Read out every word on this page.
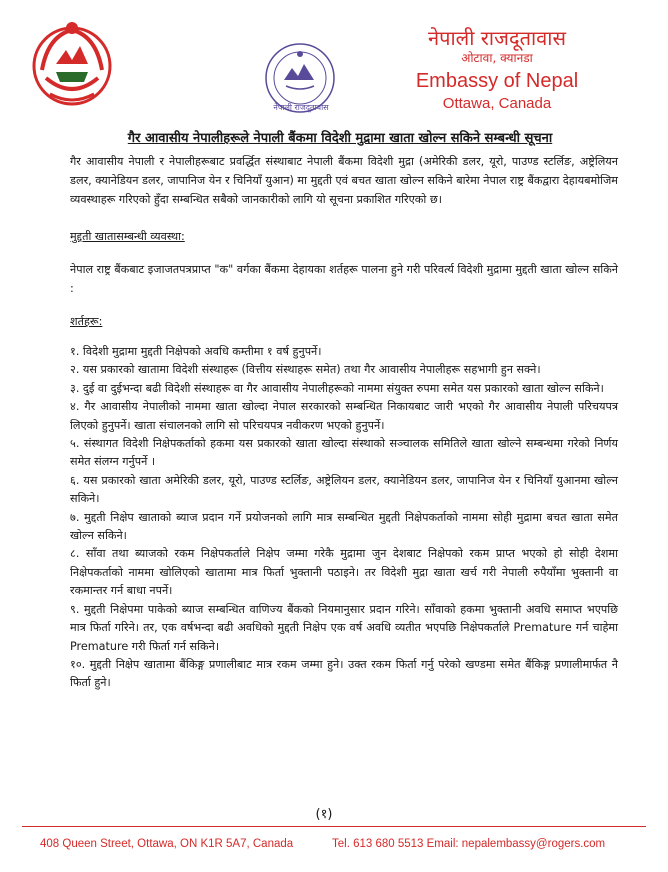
नेपाली राजदूतावास
नेपाली राजदूतावास
ओटावा, क्यानडा
Embassy of Nepal
Ottawa, Canada
गैर आवासीय नेपालीहरूले नेपाली बैंकमा विदेशी मुद्रामा खाता खोल्न सकिने सम्बन्धी सूचना

गैर आवासीय नेपाली र नेपालीहरूबाट प्रवर्द्धित संस्थाबाट नेपाली बैंकमा विदेशी मुद्रा (अमेरिकी डलर, यूरो, पाउण्ड स्टर्लिङ, अष्ट्रेलियन डलर, क्यानेडियन डलर, जापानिज येन र चिनियाँ युआन) मा मुद्दती एवं बचत खाता खोल्न सकिने बारेमा नेपाल राष्ट्र बैंकद्वारा देहायबमोजिम व्यवस्थाहरू गरिएको हुँदा सम्बन्धित सबैको जानकारीको लागि यो सूचना प्रकाशित गरिएको छ।

मुद्दती खातासम्बन्धी व्यवस्था:

नेपाल राष्ट्र बैंकबाट इजाजतपत्रप्राप्त "क" वर्गका बैंकमा देहायका शर्तहरू पालना हुने गरी परिवर्त्य विदेशी मुद्रामा मुद्दती खाता खोल्न सकिने :

शर्तहरू:

१. विदेशी मुद्रामा मुद्दती निक्षेपको अवधि कम्तीमा १ वर्ष हुनुपर्ने।

२. यस प्रकारको खातामा विदेशी संस्थाहरू (वित्तीय संस्थाहरू समेत) तथा गैर आवासीय नेपालीहरू सहभागी हुन सक्ने।

३. दुई वा दुईभन्दा बढी विदेशी संस्थाहरू वा गैर आवासीय नेपालीहरूको नाममा संयुक्त रुपमा समेत यस प्रकारको खाता खोल्न सकिने।

४. गैर आवासीय नेपालीको नाममा खाता खोल्दा नेपाल सरकारको सम्बन्धित निकायबाट जारी भएको गैर आवासीय नेपाली परिचयपत्र लिएको हुनुपर्ने। खाता संचालनको लागि सो परिचयपत्र नवीकरण भएको हुनुपर्ने।

५. संस्थागत विदेशी निक्षेपकर्ताको हकमा यस प्रकारको खाता खोल्दा संस्थाको सञ्चालक समितिले खाता खोल्ने सम्बन्धमा गरेको निर्णय समेत संलग्न गर्नुपर्ने ।

६. यस प्रकारको खाता अमेरिकी डलर, यूरो, पाउण्ड स्टर्लिङ, अष्ट्रेलियन डलर, क्यानेडियन डलर, जापानिज येन र चिनियाँ युआनमा खोल्न सकिने।

७. मुद्दती निक्षेप खाताको ब्याज प्रदान गर्ने प्रयोजनको लागि मात्र सम्बन्धित मुद्दती निक्षेपकर्ताको नाममा सोही मुद्रामा बचत खाता समेत खोल्न सकिने।

८. साँवा तथा ब्याजको रकम निक्षेपकर्ताले निक्षेप जम्मा गरेकै मुद्रामा जुन देशबाट निक्षेपको रकम प्राप्त भएको हो सोही देशमा निक्षेपकर्ताको नाममा खोलिएको खातामा मात्र फिर्ता भुक्तानी पठाइने। तर विदेशी मुद्रा खाता खर्च गरी नेपाली रुपैयाँमा भुक्तानी वा रकमान्तर गर्न बाधा नपर्ने।

९. मुद्दती निक्षेपमा पाकेको ब्याज सम्बन्धित वाणिज्य बैंकको नियमानुसार प्रदान गरिने। साँवाको हकमा भुक्तानी अवधि समाप्त भएपछि मात्र फिर्ता गरिने। तर, एक वर्षभन्दा बढी अवधिको मुद्दती निक्षेप एक वर्ष अवधि व्यतीत भएपछि निक्षेपकर्ताले Premature गर्न चाहेमा Premature गरी फिर्ता गर्न सकिने।

१०. मुद्दती निक्षेप खातामा बैंकिङ्ग प्रणालीबाट मात्र रकम जम्मा हुने। उक्त रकम फिर्ता गर्नु परेको खण्डमा समेत बैंकिङ्ग प्रणालीमार्फत नै फिर्ता हुने।

(१)
408 Queen Street, Ottawa, ON K1R 5A7, Canada	Tel. 613 680 5513 Email: nepalembassy@rogers.com
